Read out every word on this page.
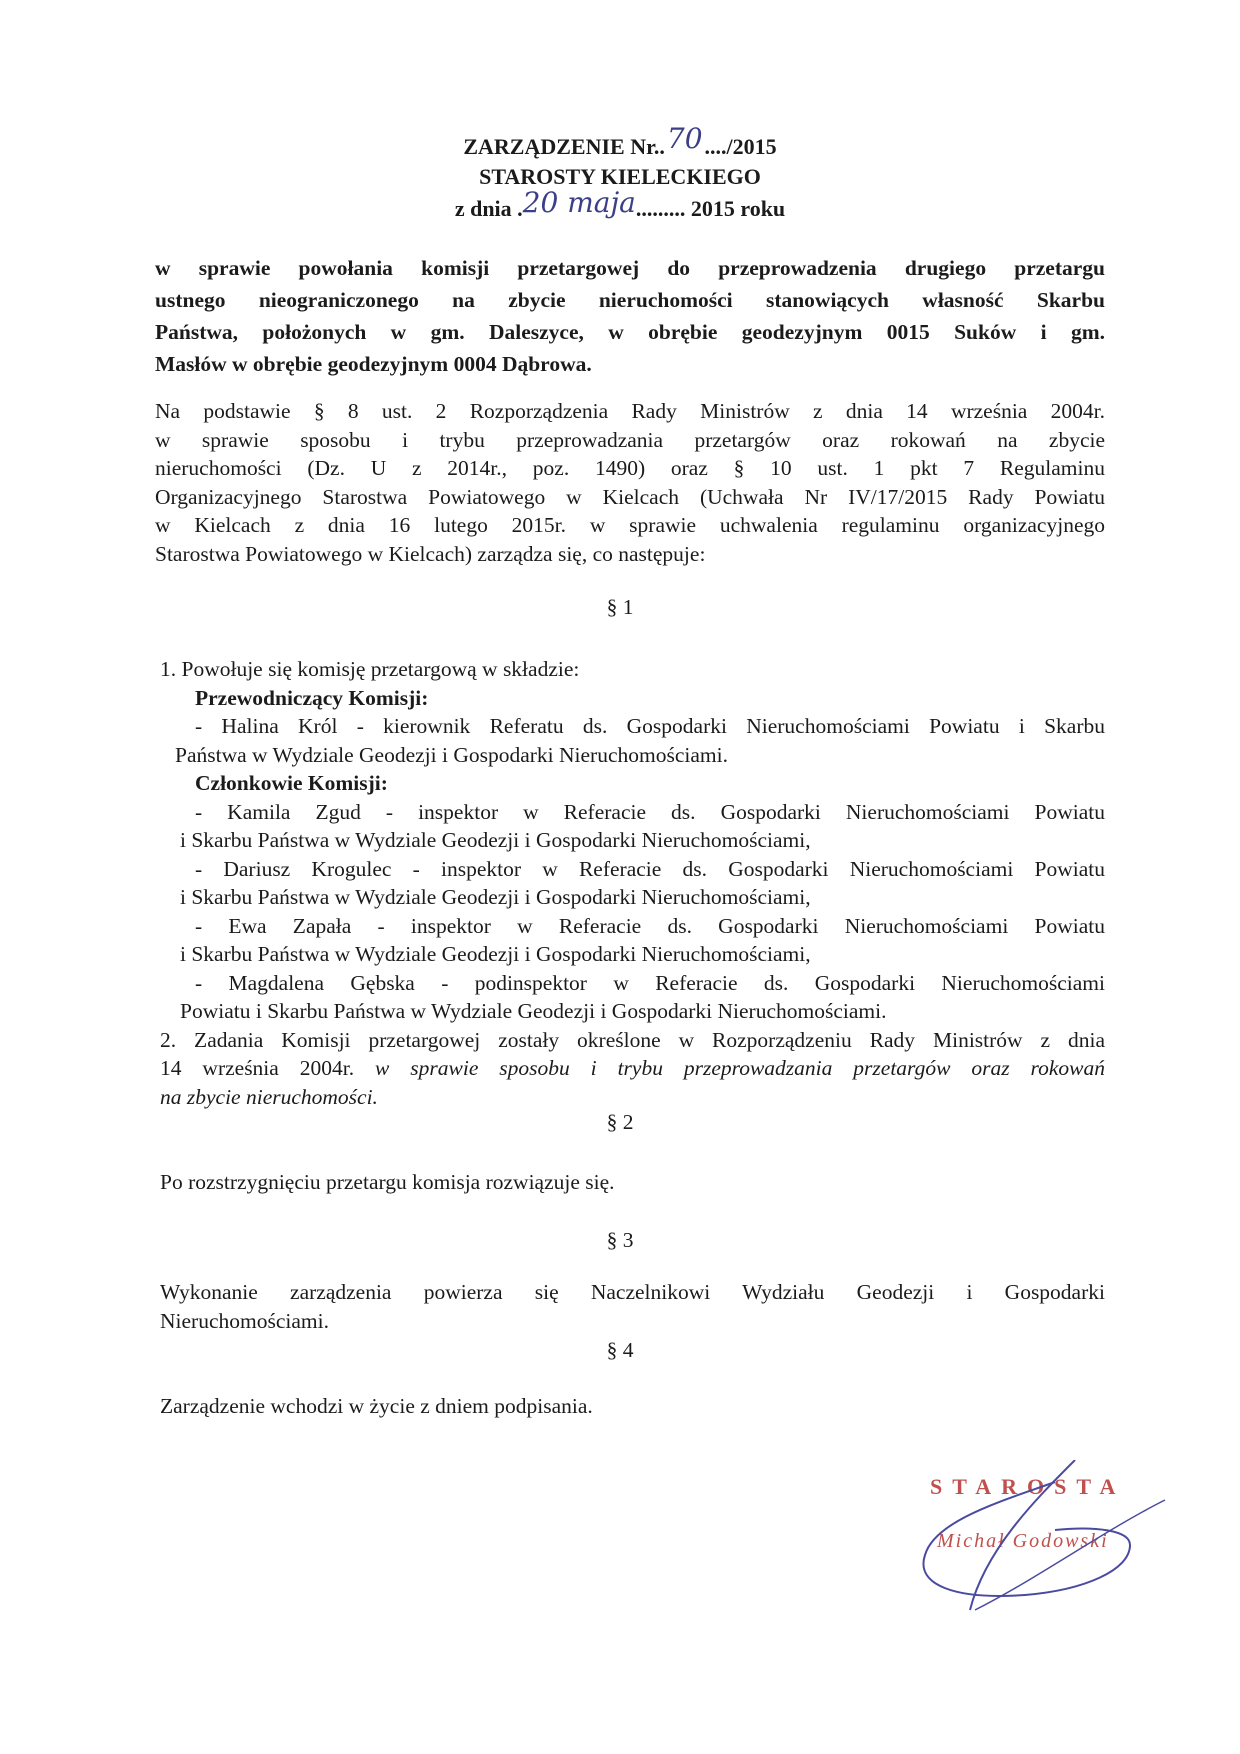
ZARZĄDZENIE Nr..70..../2015
STAROSTY KIELECKIEGO
z dnia .20 maja......... 2015 roku
w sprawie powołania komisji przetargowej do przeprowadzenia drugiego przetargu
ustnego nieograniczonego na zbycie nieruchomości stanowiących własność Skarbu
Państwa, położonych w gm. Daleszyce, w obrębie geodezyjnym 0015 Suków i gm.
Masłów w obrębie geodezyjnym 0004 Dąbrowa.
Na podstawie § 8 ust. 2 Rozporządzenia Rady Ministrów z dnia 14 września 2004r.
w sprawie sposobu i trybu przeprowadzania przetargów oraz rokowań na zbycie
nieruchomości (Dz. U z 2014r., poz. 1490) oraz § 10 ust. 1 pkt 7 Regulaminu
Organizacyjnego Starostwa Powiatowego w Kielcach (Uchwała Nr IV/17/2015 Rady Powiatu
w Kielcach z dnia 16 lutego 2015r. w sprawie uchwalenia regulaminu organizacyjnego
Starostwa Powiatowego w Kielcach) zarządza się, co następuje:
§ 1
1. Powołuje się komisję przetargową w składzie:
Przewodniczący Komisji:
- Halina Król - kierownik Referatu ds. Gospodarki Nieruchomościami Powiatu i Skarbu
Państwa w Wydziale Geodezji i Gospodarki Nieruchomościami.
Członkowie Komisji:
- Kamila Zgud - inspektor w Referacie ds. Gospodarki Nieruchomościami Powiatu
i Skarbu Państwa w Wydziale Geodezji i Gospodarki Nieruchomościami,
- Dariusz Krogulec - inspektor w Referacie ds. Gospodarki Nieruchomościami Powiatu
i Skarbu Państwa w Wydziale Geodezji i Gospodarki Nieruchomościami,
- Ewa Zapała - inspektor w Referacie ds. Gospodarki Nieruchomościami Powiatu
i Skarbu Państwa w Wydziale Geodezji i Gospodarki Nieruchomościami,
- Magdalena Gębska - podinspektor w Referacie ds. Gospodarki Nieruchomościami
Powiatu i Skarbu Państwa w Wydziale Geodezji i Gospodarki Nieruchomościami.
2. Zadania Komisji przetargowej zostały określone w Rozporządzeniu Rady Ministrów z dnia
14 września 2004r. w sprawie sposobu i trybu przeprowadzania przetargów oraz rokowań
na zbycie nieruchomości.
§ 2
Po rozstrzygnięciu przetargu komisja rozwiązuje się.
§ 3
Wykonanie zarządzenia powierza się Naczelnikowi Wydziału Geodezji i Gospodarki
Nieruchomościami.
§ 4
Zarządzenie wchodzi w życie z dniem podpisania.
STAROSTA
Michał Godowski
